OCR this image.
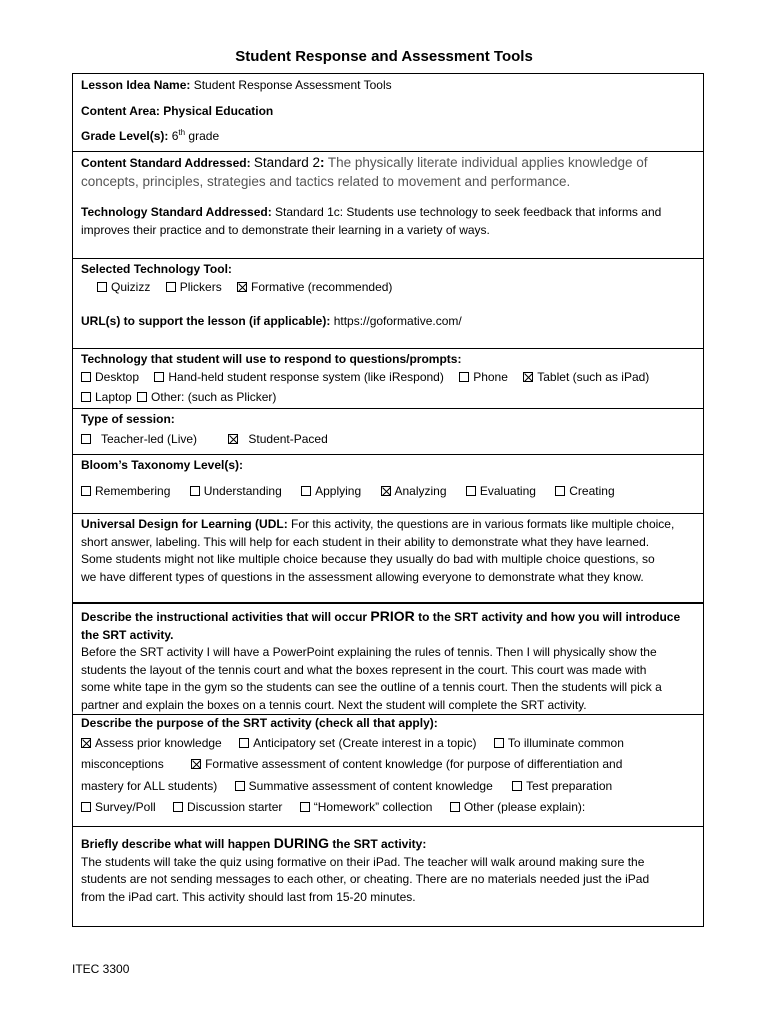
Student Response and Assessment Tools
Lesson Idea Name: Student Response Assessment Tools
Content Area: Physical Education
Grade Level(s): 6th grade
Content Standard Addressed: Standard 2: The physically literate individual applies knowledge of
concepts, principles, strategies and tactics related to movement and performance.
Technology Standard Addressed: Standard 1c: Students use technology to seek feedback that informs and
improves their practice and to demonstrate their learning in a variety of ways.
Selected Technology Tool:
Quizizz Plickers Formative (recommended)
URL(s) to support the lesson (if applicable): https://goformative.com/
Technology that student will use to respond to questions/prompts:
Desktop Hand-held student response system (like iRespond) Phone Tablet (such as iPad)
Laptop Other: (such as Plicker)
Type of session:
Teacher-led (Live)	Student-Paced
Bloom’s Taxonomy Level(s):
Remembering	Understanding	Applying	Analyzing	Evaluating	Creating
Universal Design for Learning (UDL: For this activity, the questions are in various formats like multiple choice,
short answer, labeling. This will help for each student in their ability to demonstrate what they have learned.
Some students might not like multiple choice because they usually do bad with multiple choice questions, so
we have different types of questions in the assessment allowing everyone to demonstrate what they know.
Describe the instructional activities that will occur PRIOR to the SRT activity and how you will introduce
the SRT activity.
Before the SRT activity I will have a PowerPoint explaining the rules of tennis. Then I will physically show the
students the layout of the tennis court and what the boxes represent in the court. This court was made with
some white tape in the gym so the students can see the outline of a tennis court. Then the students will pick a
partner and explain the boxes on a tennis court. Next the student will complete the SRT activity.
Describe the purpose of the SRT activity (check all that apply):
Assess prior knowledge	Anticipatory set (Create interest in a topic)	To illuminate common
misconceptions	Formative assessment of content knowledge (for purpose of differentiation and
mastery for ALL students)	Summative assessment of content knowledge	Test preparation
Survey/Poll	Discussion starter	“Homework” collection	Other (please explain):
Briefly describe what will happen DURING the SRT activity:
The students will take the quiz using formative on their iPad. The teacher will walk around making sure the
students are not sending messages to each other, or cheating. There are no materials needed just the iPad
from the iPad cart. This activity should last from 15-20 minutes.
ITEC 3300
